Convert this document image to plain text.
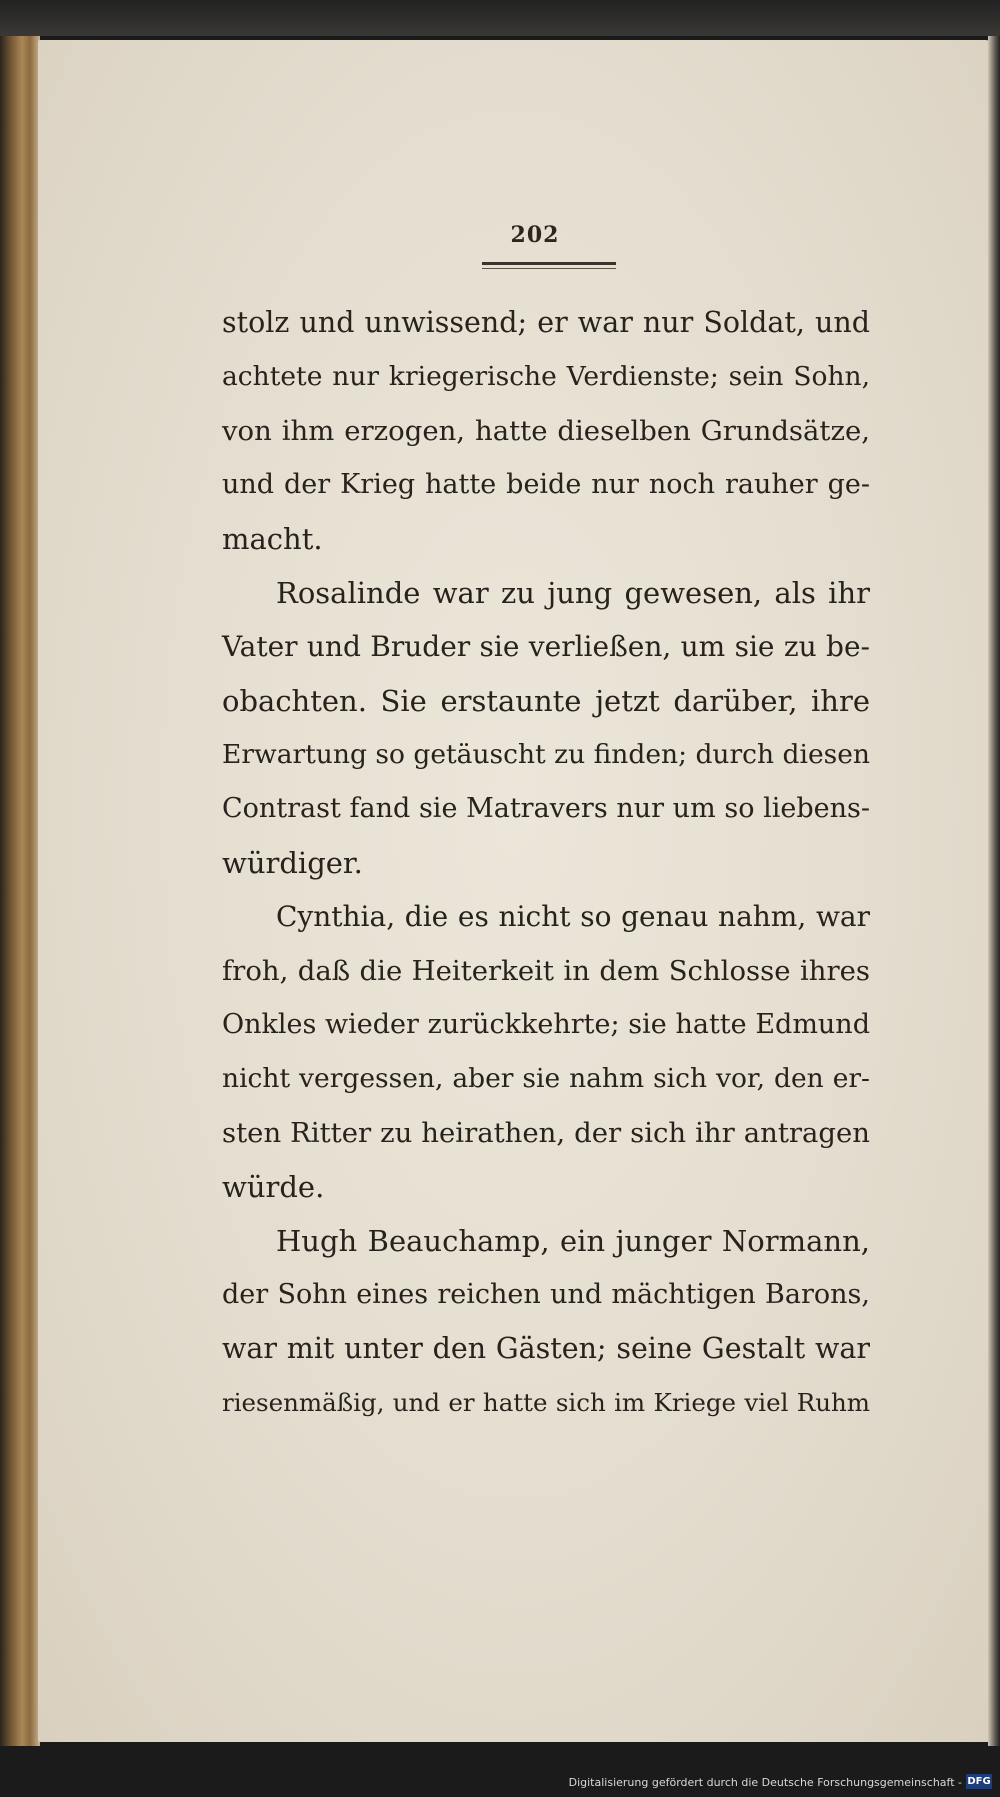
202
stolz und unwissend; er war nur Soldat, und
achtete nur kriegerische Verdienste; sein Sohn,
von ihm erzogen, hatte dieselben Grundsätze,
und der Krieg hatte beide nur noch rauher ge-
macht.
Rosalinde war zu jung gewesen, als ihr
Vater und Bruder sie verließen, um sie zu be-
obachten. Sie erstaunte jetzt darüber, ihre
Erwartung so getäuscht zu finden; durch diesen
Contrast fand sie Matravers nur um so liebens-
würdiger.
Cynthia, die es nicht so genau nahm, war
froh, daß die Heiterkeit in dem Schlosse ihres
Onkles wieder zurückkehrte; sie hatte Edmund
nicht vergessen, aber sie nahm sich vor, den er-
sten Ritter zu heirathen, der sich ihr antragen
würde.
Hugh Beauchamp, ein junger Normann,
der Sohn eines reichen und mächtigen Barons,
war mit unter den Gästen; seine Gestalt war
riesenmäßig, und er hatte sich im Kriege viel Ruhm
Digitalisierung gefördert durch die Deutsche Forschungsgemeinschaft - DFG
